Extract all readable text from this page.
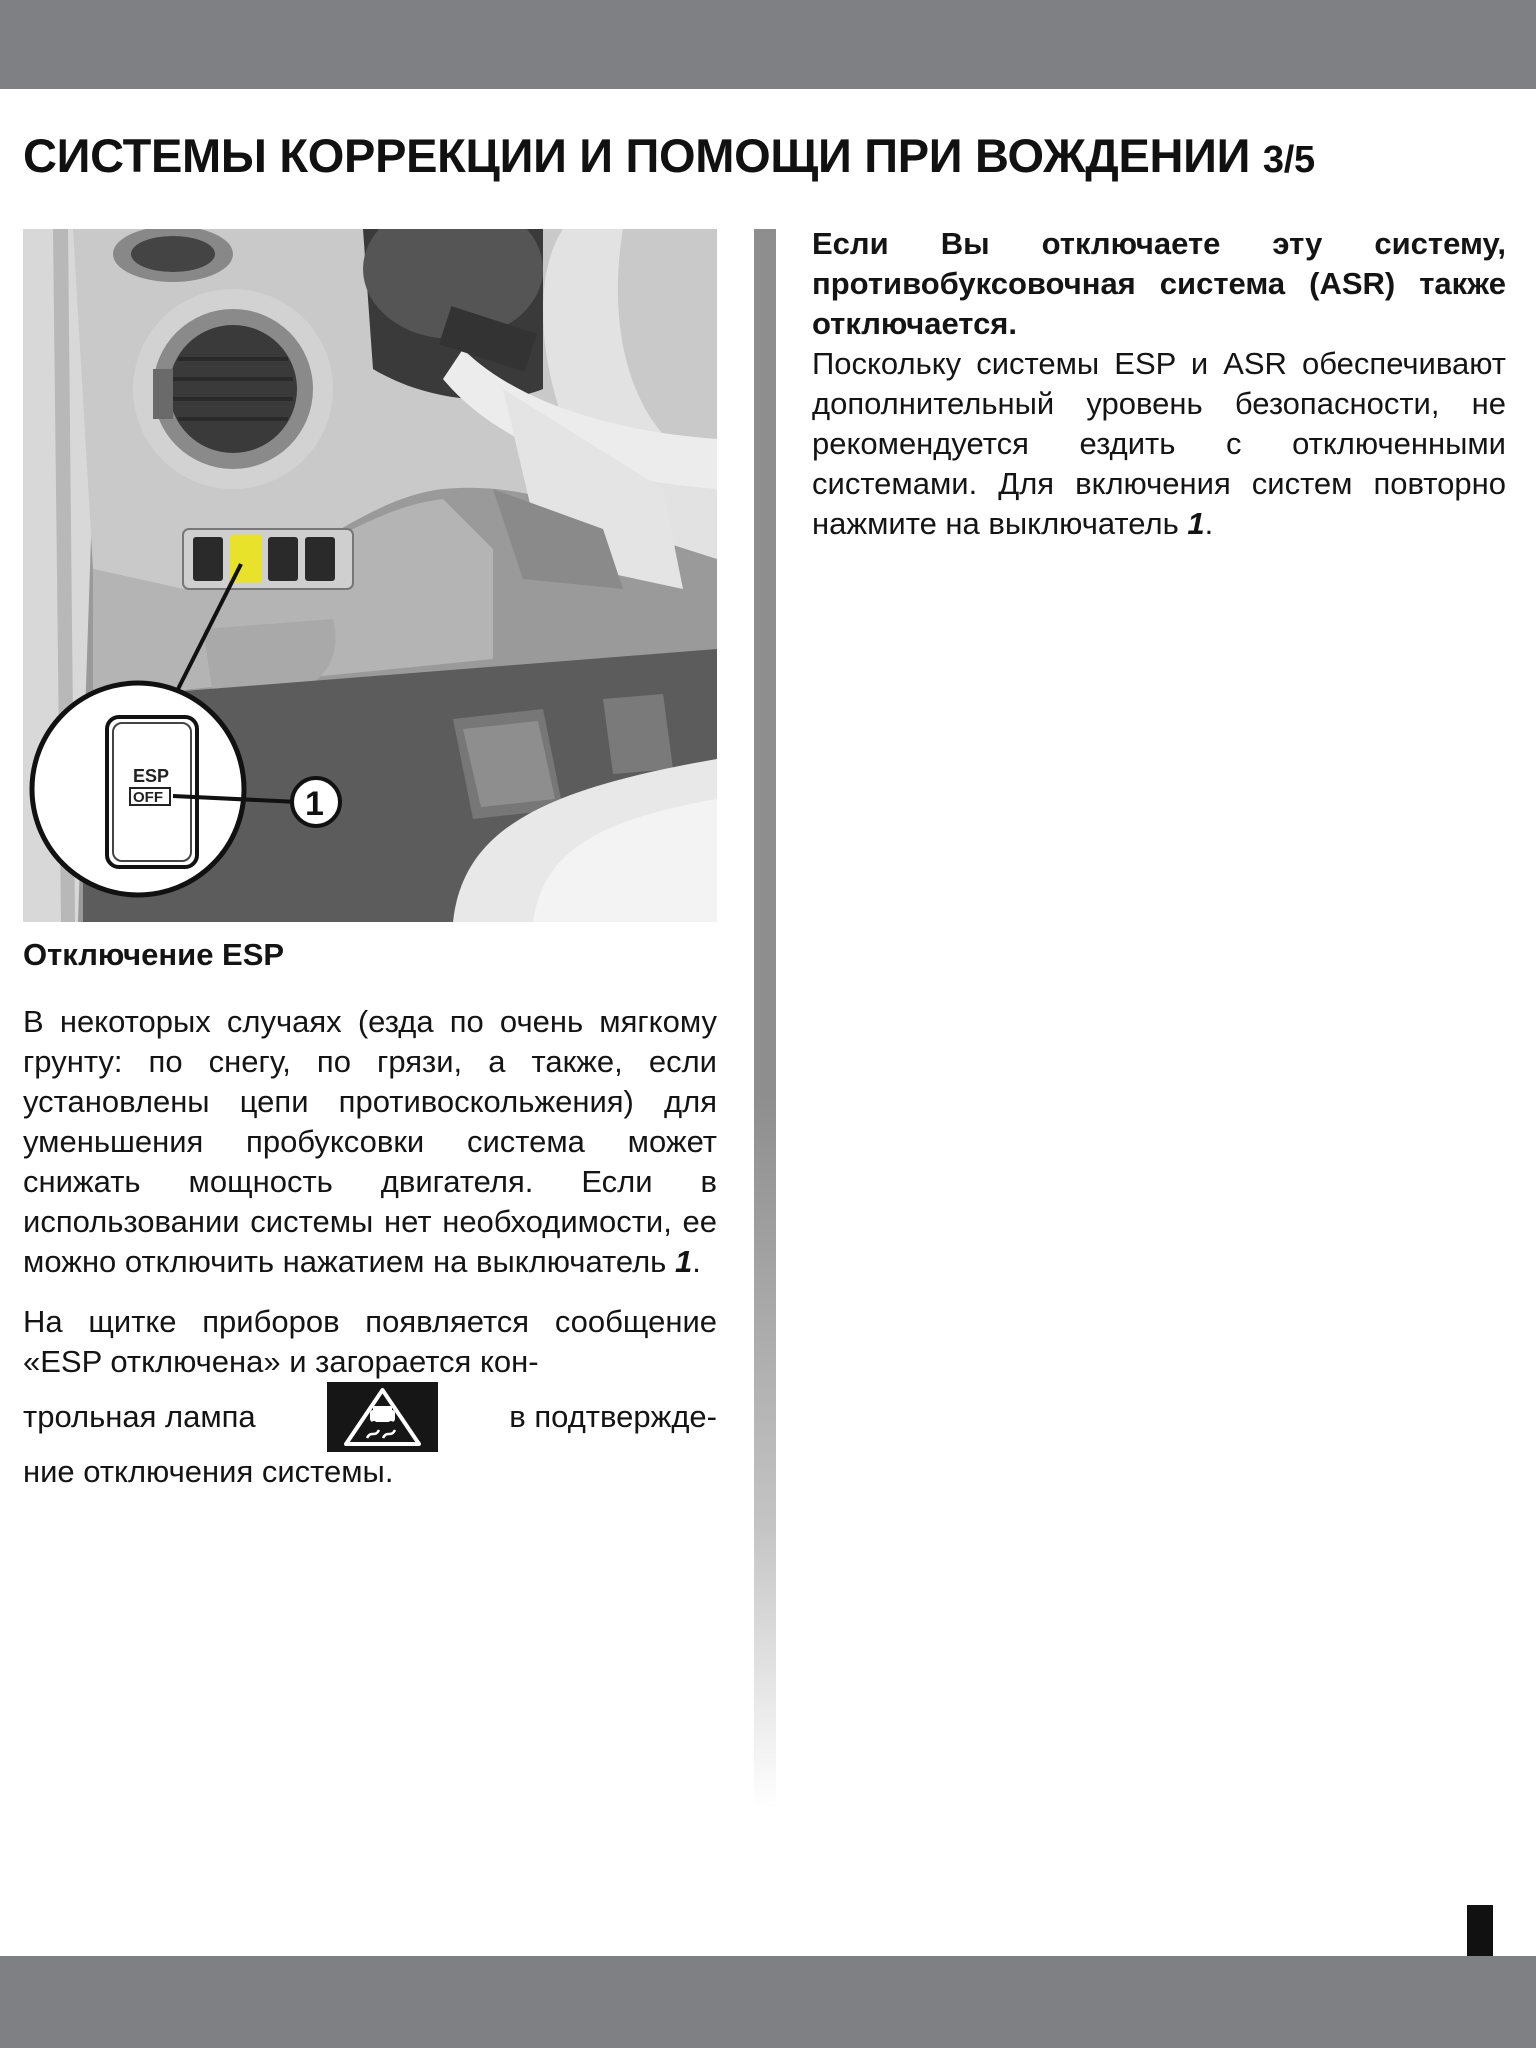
СИСТЕМЫ КОРРЕКЦИИ И ПОМОЩИ ПРИ ВОЖДЕНИИ 3/5
ESP
OFF	1
Отключение ESP

В некоторых случаях (езда по очень мягкому грунту: по снегу, по грязи, а также, если установлены цепи противоскольжения) для уменьшения пробуксовки система может снижать мощность двигателя. Если в использовании системы нет необходимости, ее можно отключить нажатием на выключатель 1.

На щитке приборов появляется сообщение «ESP отключена» и загорается кон-

трольная лампа	в подтвержде-

ние отключения системы.

Если Вы отключаете эту систему, противобуксовочная система (ASR) также отключается.

Поскольку системы ESP и ASR обеспечивают дополнительный уровень безопасности, не рекомендуется ездить с отключенными системами. Для включения систем повторно нажмите на выключатель 1.
